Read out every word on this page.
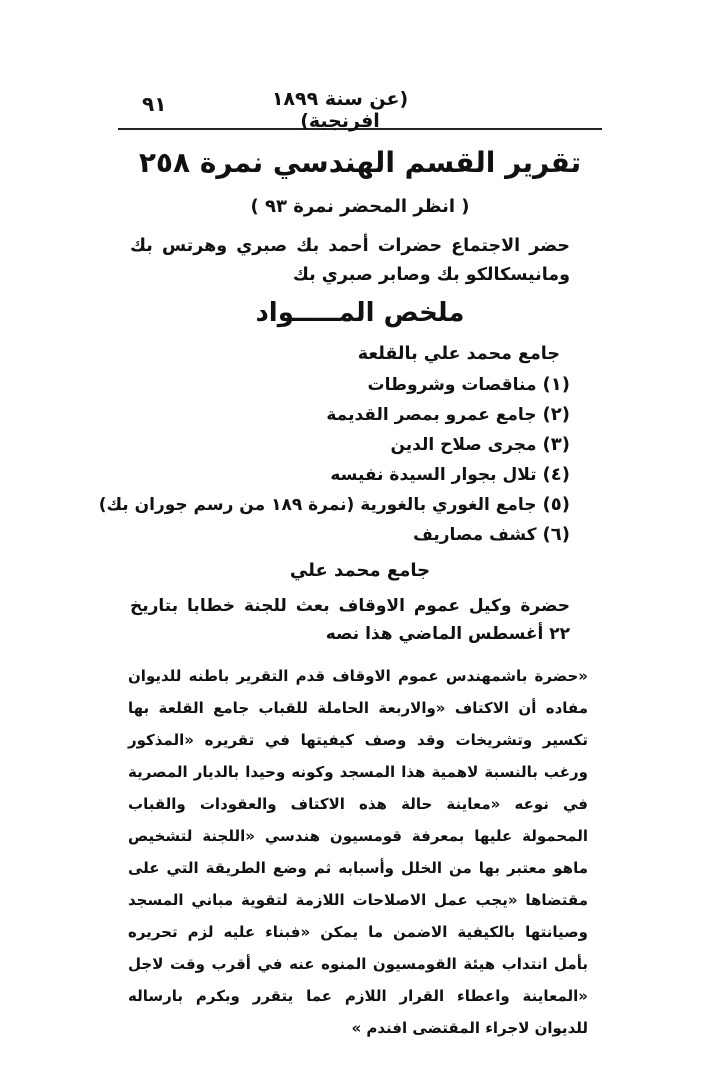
(عن سنة ١٨٩٩ افرنجية)
٩١
تقرير القسم الهندسي نمرة ٢٥٨
( انظر المحضر نمرة ٩٣ )
حضر الاجتماع حضرات أحمد بك صبري وهرتس بك ومانيسكالكو بك وصابر صبري بك
ملخص المـــــواد
جامع محمد علي بالقلعة
(١)مناقصات وشروطات
(٢)جامع عمرو بمصر القديمة
(٣)مجرى صلاح الدين
(٤)تلال بجوار السيدة نفيسه
(٥)جامع الغوري بالغورية (نمرة ١٨٩ من رسم جوران بك)
(٦)كشف مصاريف
جامع محمد علي
حضرة وكيل عموم الاوقاف بعث للجنة خطابا بتاريخ ٢٢ أغسطس الماضي هذا نصه
«حضرة باشمهندس عموم الاوقاف قدم التقرير باطنه للديوان مفاده أن الاكتاف «والاربعة الحاملة للقباب جامع القلعة بها تكسير وتشريخات وقد وصف كيفيتها في تقريره «المذكور ورغب بالنسبة لاهمية هذا المسجد وكونه وحيدا بالديار المصرية في نوعه «معاينة حالة هذه الاكتاف والعقودات والقباب المحمولة عليها بمعرفة قومسيون هندسي «اللجنة لتشخيص ماهو معتبر بها من الخلل وأسبابه ثم وضع الطريقة التي على مقتضاها «يجب عمل الاصلاحات اللازمة لتقوية مباني المسجد وصيانتها بالكيفية الاضمن ما يمكن «فبناء عليه لزم تحريره بأمل انتداب هيئة القومسيون المنوه عنه في أقرب وقت لاجل «المعاينة واعطاء القرار اللازم عما يتقرر وبكرم بارساله للديوان لاجراء المقتضى افندم »
